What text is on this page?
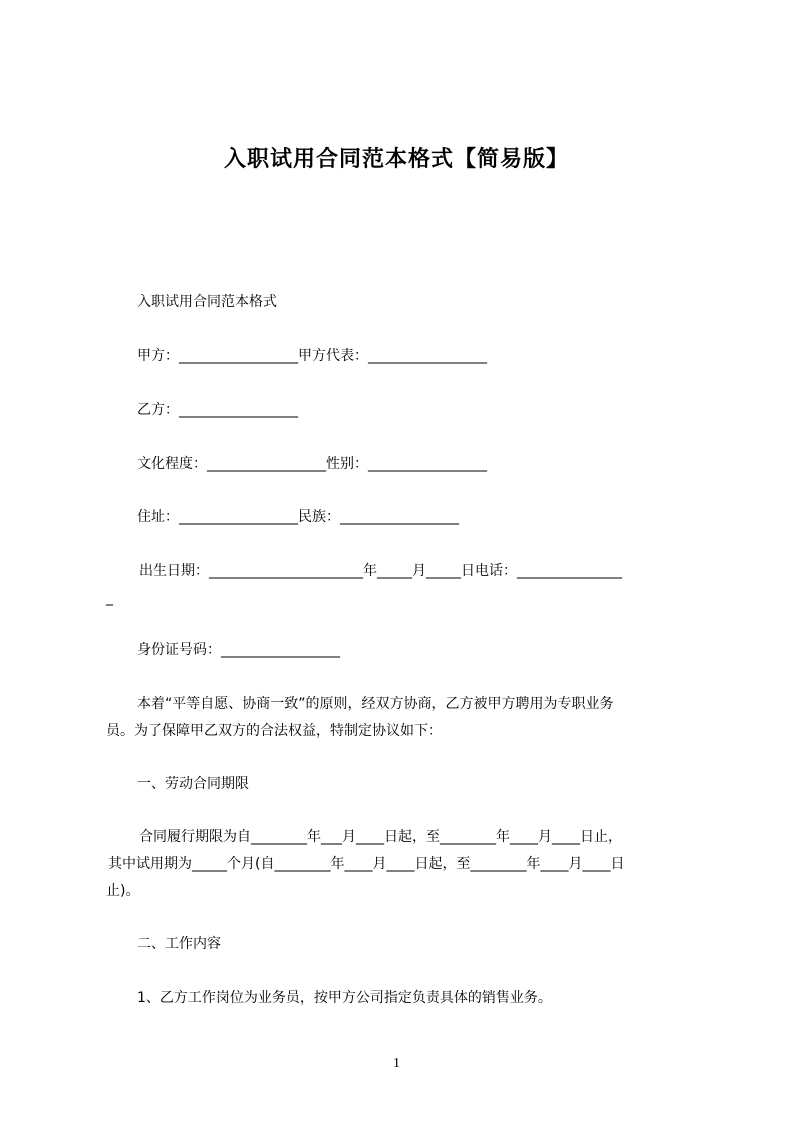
入职试用合同范本格式【简易版】
入职试用合同范本格式
甲方：_________________甲方代表：_________________
乙方：_________________
文化程度：_________________性别：_________________
住址：_________________民族：_________________
出生日期：______________________年_____月_____日电话：_______________
_
身份证号码：_________________
本着“平等自愿、协商一致”的原则，经双方协商，乙方被甲方聘用为专职业务
员。为了保障甲乙双方的合法权益，特制定协议如下：
一、劳动合同期限
合同履行期限为自________年___月____日起，至________年____月____日止，
其中试用期为_____个月(自________年____月____日起，至________年____月____日
止)。
二、工作内容
1、乙方工作岗位为业务员，按甲方公司指定负责具体的销售业务。
1
